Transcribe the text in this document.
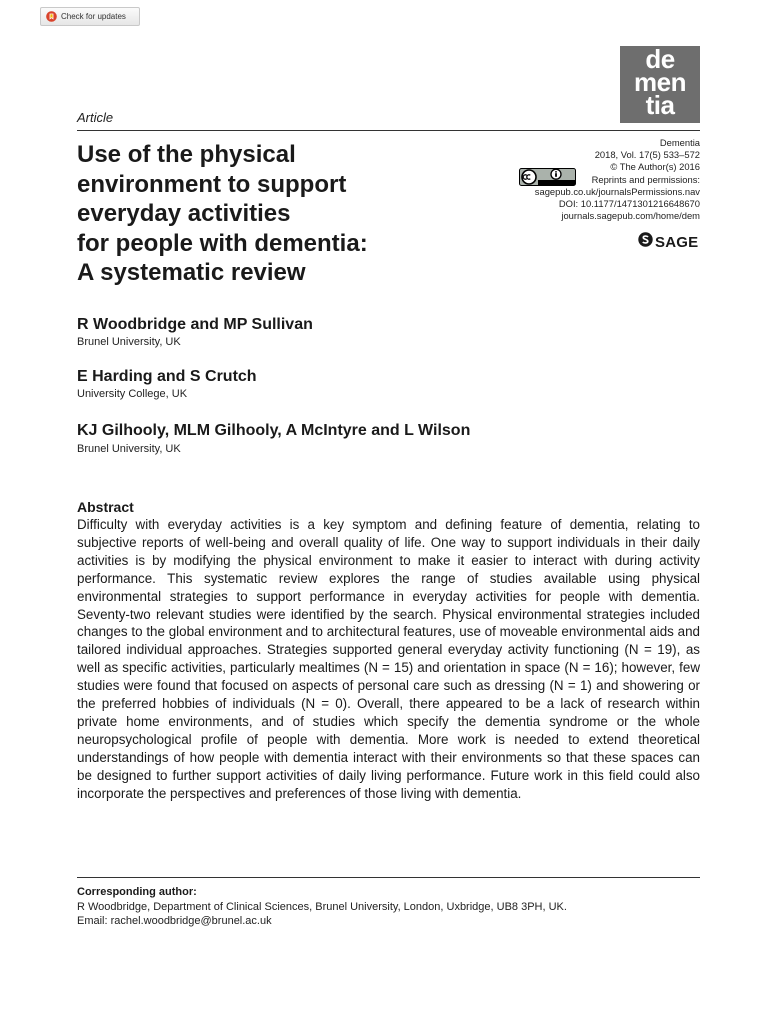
Check for updates
de
men
tia
Article
Use of the physical
environment to support
everyday activities
for people with dementia:
A systematic review
Dementia
2018, Vol. 17(5) 533–572
© The Author(s) 2016
Reprints and permissions:
sagepub.co.uk/journalsPermissions.nav
DOI: 10.1177/1471301216648670
journals.sagepub.com/home/dem
SAGE
R Woodbridge and MP Sullivan
Brunel University, UK
E Harding and S Crutch
University College, UK
KJ Gilhooly, MLM Gilhooly, A McIntyre and L Wilson
Brunel University, UK
Abstract

Difficulty with everyday activities is a key symptom and defining feature of dementia, relating to subjective reports of well-being and overall quality of life. One way to support individuals in their daily activities is by modifying the physical environment to make it easier to interact with during activity performance. This systematic review explores the range of studies available using physical environmental strategies to support performance in everyday activities for people with dementia. Seventy-two relevant studies were identified by the search. Physical environmental strategies included changes to the global environment and to architectural features, use of moveable environmental aids and tailored individual approaches. Strategies supported general everyday activity functioning (N = 19), as well as specific activities, particularly mealtimes (N = 15) and orientation in space (N = 16); however, few studies were found that focused on aspects of personal care such as dressing (N = 1) and showering or the preferred hobbies of individuals (N = 0). Overall, there appeared to be a lack of research within private home environments, and of studies which specify the dementia syndrome or the whole neuropsychological profile of people with dementia. More work is needed to extend theoretical understandings of how people with dementia interact with their environments so that these spaces can be designed to further support activities of daily living performance. Future work in this field could also incorporate the perspectives and preferences of those living with dementia.

Corresponding author:
R Woodbridge, Department of Clinical Sciences, Brunel University, London, Uxbridge, UB8 3PH, UK.
Email: rachel.woodbridge@brunel.ac.uk
